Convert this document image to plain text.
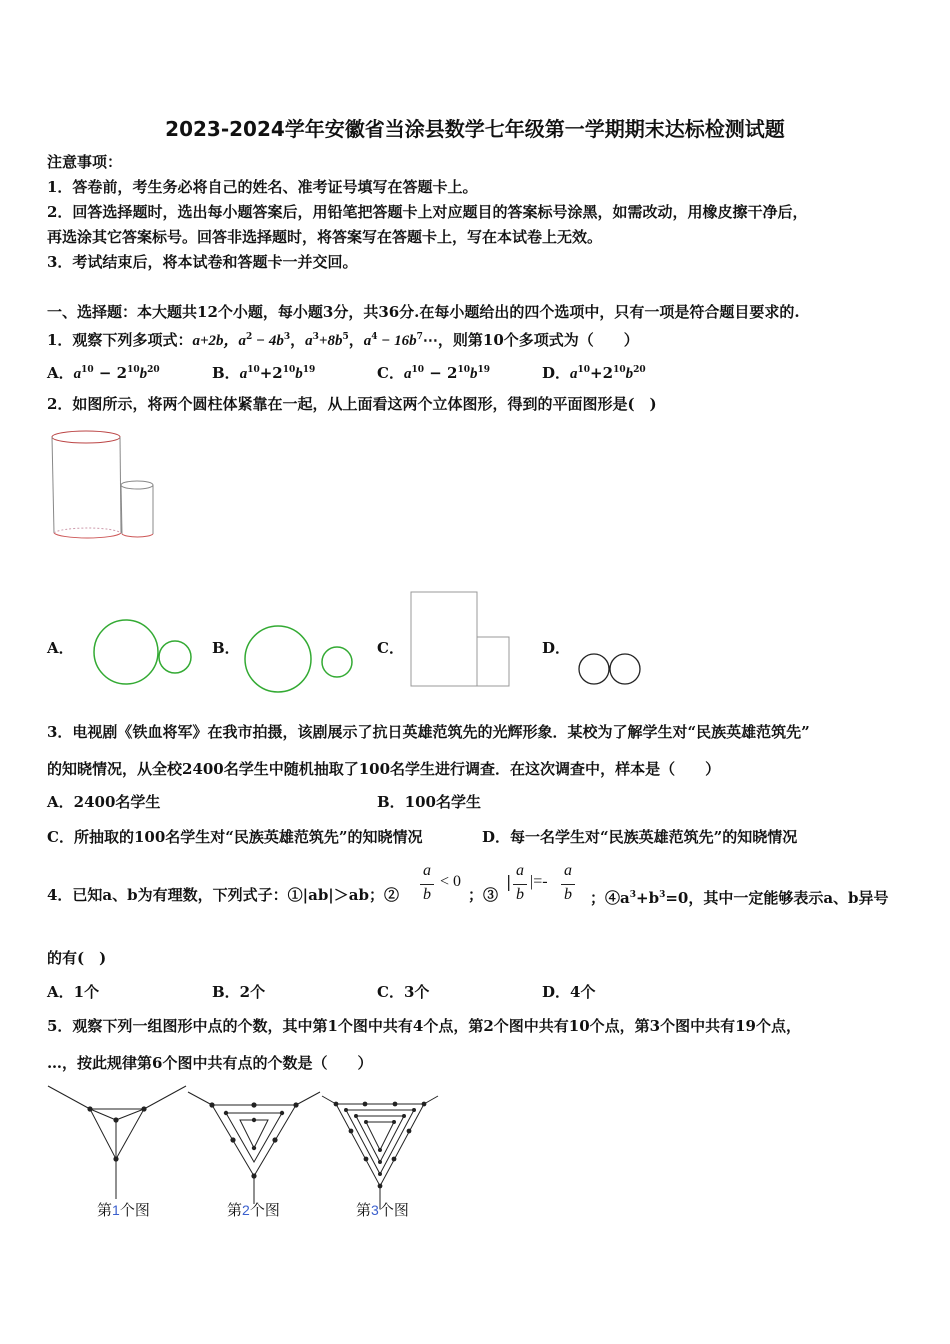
2023-2024学年安徽省当涂县数学七年级第一学期期末达标检测试题
注意事项：
1．答卷前，考生务必将自己的姓名、准考证号填写在答题卡上。
2．回答选择题时，选出每小题答案后，用铅笔把答题卡上对应题目的答案标号涂黑，如需改动，用橡皮擦干净后，
再选涂其它答案标号。回答非选择题时，将答案写在答题卡上，写在本试卷上无效。
3．考试结束后，将本试卷和答题卡一并交回。
一、选择题：本大题共12个小题，每小题3分，共36分.在每小题给出的四个选项中，只有一项是符合题目要求的.
1．观察下列多项式：a+2b，$a^2 - 4b^3$，$a^3+8b^5$，$a^4$ − $16b^7\cdots$，则第10个多项式为（　　）
A．$a^{10} - 2^{10}b^{20}$	B．$a^{10}+2^{10}b^{19}$	C．$a^{10} - 2^{10}b^{19}$	D．$a^{10}+2^{10}b^{20}$
2．如图所示，将两个圆柱体紧靠在一起，从上面看这两个立体图形，得到的平面图形是(　)
A．	B．	C．	D．
3．电视剧《铁血将军》在我市拍摄，该剧展示了抗日英雄范筑先的光辉形象．某校为了解学生对“民族英雄范筑先”
的知晓情况，从全校2400名学生中随机抽取了100名学生进行调查．在这次调查中，样本是（　　）
A．2400名学生	B．100名学生
C．所抽取的100名学生对“民族英雄范筑先”的知晓情况	D．每一名学生对“民族英雄范筑先”的知晓情况
4．已知a、b为有理数，下列式子：①|ab|＞ab；②
a
b
< 0
；③
|
a
b
|=-
a
b ；$④a^3+b^3=0$，其中一定能够表示a、b异号
的有(　)
A．1个	B．2个	C．3个	D．4个
5．观察下列一组图形中点的个数，其中第1个图中共有4个点，第2个图中共有10个点，第3个图中共有19个点，
…，按此规律第6个图中共有点的个数是（　　）
第1个图	第2个图	第3个图
